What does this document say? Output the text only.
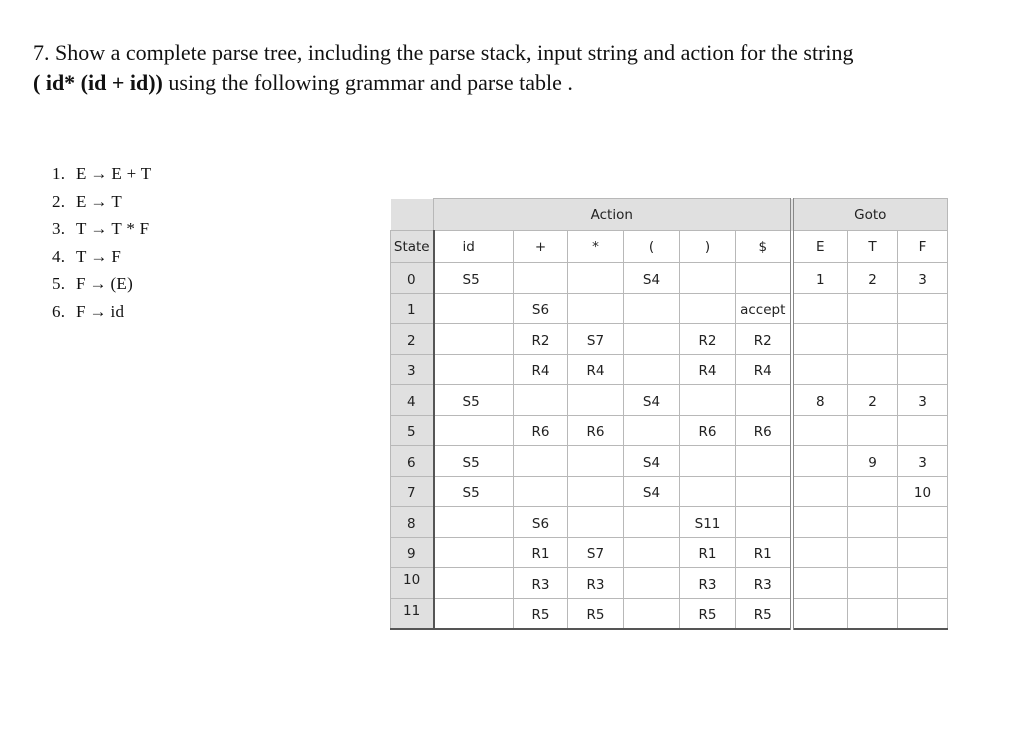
7. Show a complete parse tree, including the parse stack, input string and action for the string
( id* (id + id)) using the following grammar and parse table .
1. E → E + T
2. E → T
3. T → T * F
4. T → F
5. F → (E)
6. F → id
	Action						Goto		
State	id	+	*	(	)	$	E	T	F
0	S5			S4			1	2	3
1		S6				accept			
2		R2	S7		R2	R2			
3		R4	R4		R4	R4			
4	S5			S4			8	2	3
5		R6	R6		R6	R6			
6	S5			S4				9	3
7	S5			S4					10
8		S6			S11				
9		R1	S7		R1	R1			
10		R3	R3		R3	R3			
11		R5	R5		R5	R5			
